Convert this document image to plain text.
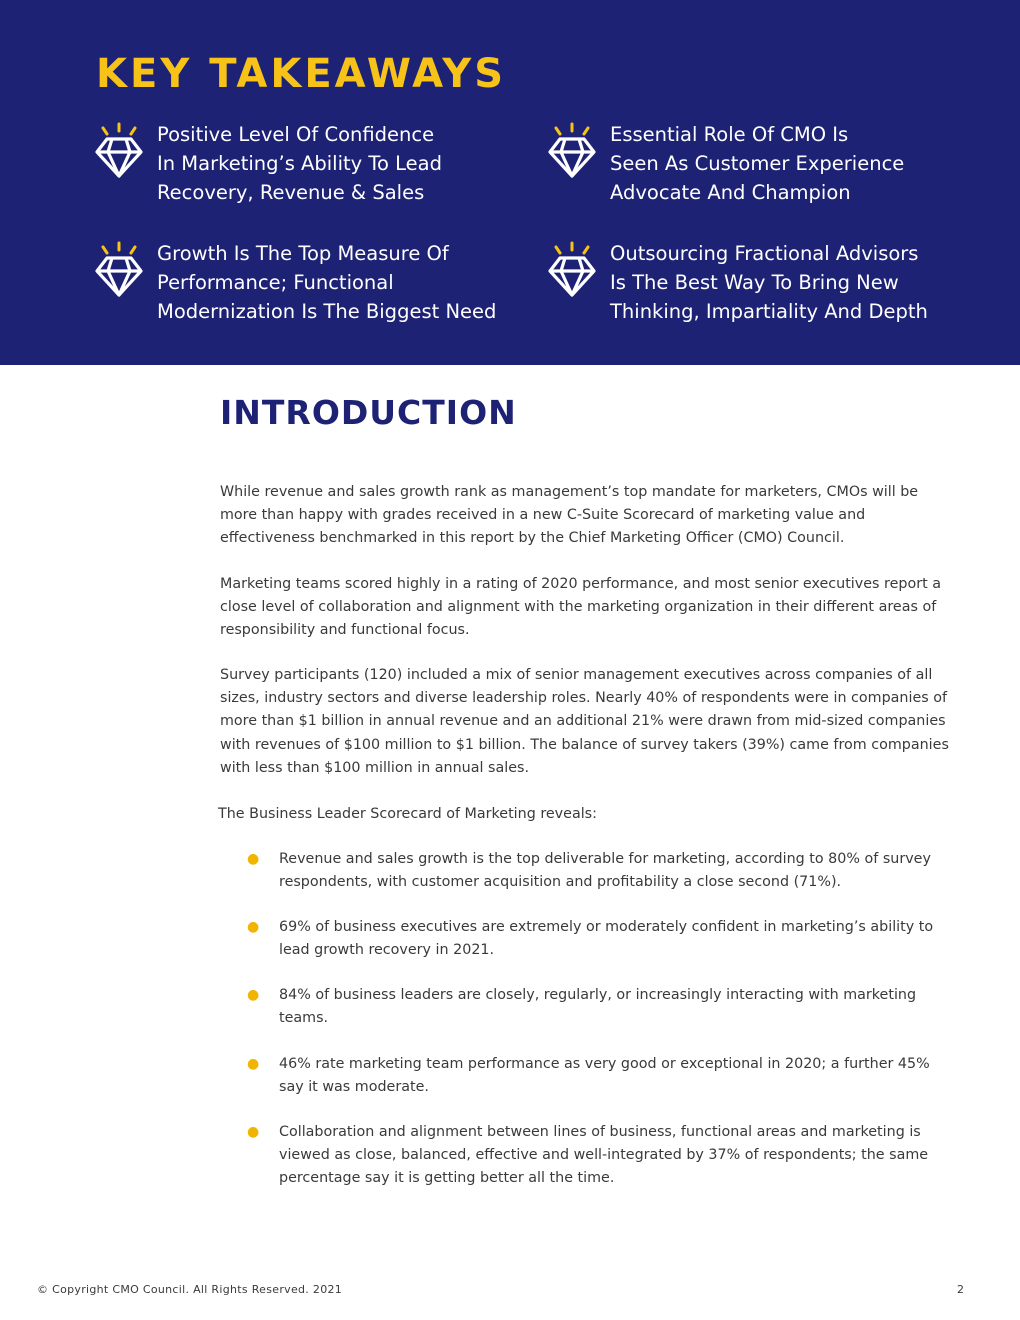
KEY TAKEAWAYS
Positive Level Of Confidence
In Marketing’s Ability To Lead
Recovery, Revenue & Sales
Essential Role Of CMO Is
Seen As Customer Experience
Advocate And Champion
Growth Is The Top Measure Of
Performance; Functional
Modernization Is The Biggest Need
Outsourcing Fractional Advisors
Is The Best Way To Bring New
Thinking, Impartiality And Depth
INTRODUCTION

While revenue and sales growth rank as management’s top mandate for marketers, CMOs will be more than happy with grades received in a new C-Suite Scorecard of marketing value and effectiveness benchmarked in this report by the Chief Marketing Officer (CMO) Council.

Marketing teams scored highly in a rating of 2020 performance, and most senior executives report a close level of collaboration and alignment with the marketing organization in their different areas of responsibility and functional focus.

Survey participants (120) included a mix of senior management executives across companies of all sizes, industry sectors and diverse leadership roles. Nearly 40% of respondents were in companies of more than $1 billion in annual revenue and an additional 21% were drawn from mid-sized companies with revenues of $100 million to $1 billion. The balance of survey takers (39%) came from companies with less than $100 million in annual sales.

The Business Leader Scorecard of Marketing reveals:

● Revenue and sales growth is the top deliverable for marketing, according to 80% of survey respondents, with customer acquisition and profitability a close second (71%).
● 69% of business executives are extremely or moderately confident in marketing’s ability to lead growth recovery in 2021.
● 84% of business leaders are closely, regularly, or increasingly interacting with marketing teams.
● 46% rate marketing team performance as very good or exceptional in 2020; a further 45% say it was moderate.
● Collaboration and alignment between lines of business, functional areas and marketing is viewed as close, balanced, effective and well-integrated by 37% of respondents; the same percentage say it is getting better all the time.
© Copyright CMO Council. All Rights Reserved. 2021	2
